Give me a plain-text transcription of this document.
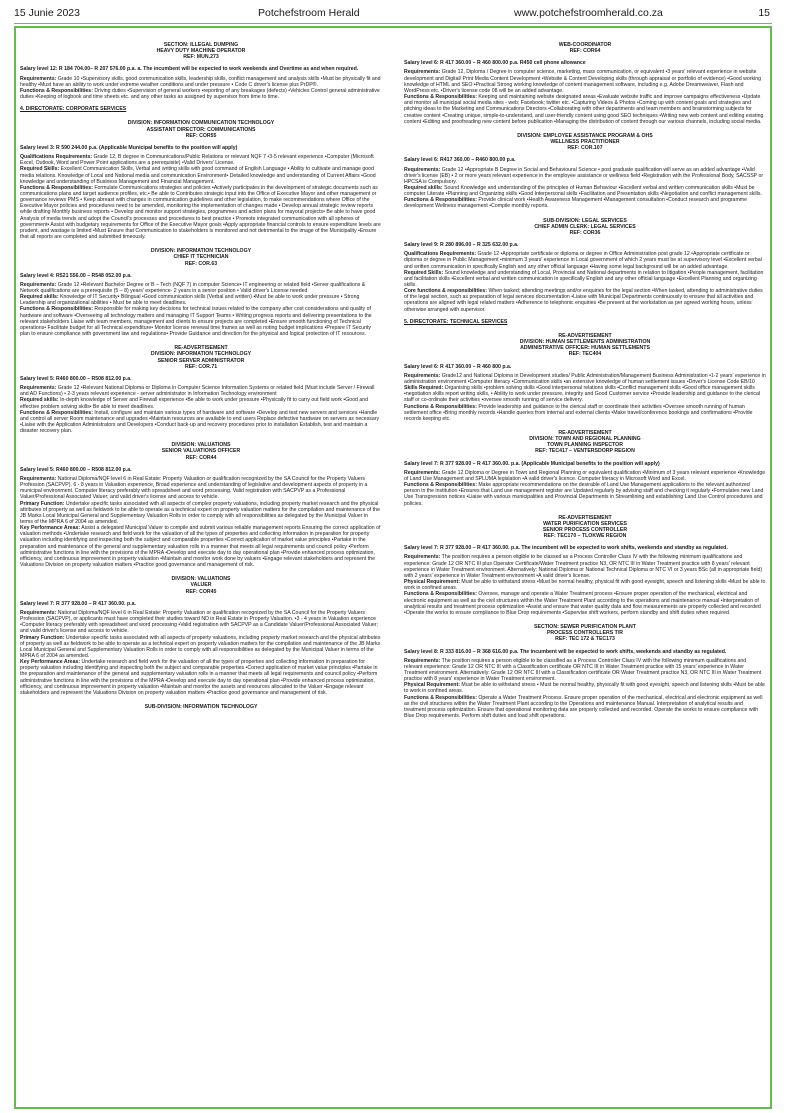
15 Junie 2023	Potchefstroom Herald	www.potchefstroomherald.co.za	15
SECTION: ILLEGAL DUMPING
HEAVY DUTY MACHINE OPERATOR
REF: MUN.273
Salary level 12: R 184 704.00– R 207 576.00 p.a. a. The incumbent will be expected to work weekends and Overtime as and when required.
Requirements: Grade 10 •Supervisory skills, good communication skills, leadership skills, conflict management and analysis skills •Must be physically fit and healthy •Must have an ability to work under extreme weather conditions and under pressure • Code C driver's license plus PrDP®.
Functions & Responsibilities: Driving duties •Supervision of general workers •reporting of any breakages (defects) •Vehicles Control general administrative duties •Keeping of logbook and time sheets etc. and any other tasks as assigned by supervisor from time to time.
4. DIRECTORATE: CORPORATE SERVICES
DIVISION: INFORMATION COMMUNICATION TECHNOLOGY
ASSISTANT DIRECTOR: COMMUNICATIONS
REF: COR55
Salary level 3: R 590 244.00 p.a. (Applicable Municipal benefits to the position will apply)
Qualifications Requirements: Grade 12, B degree in Communications/Public Relations or relevant NQF 7 •3-5 relevant experience •Computer (Microsoft Excel, Outlook, Word and Power Point applications are a prerequisite) •Valid Drivers' License.
Required Skills: Excellent Communication Skills, Verbal and writing skills with good command of English Language • Ability to cultivate and manage good media relations. Knowledge of Local and National media and communication Environment• Detailed knowledge and understanding of Current Affairs •Good knowledge and understanding of Business Management and Financial Management.
Functions & Responsibilities: Formulate Communications strategies and policies •Actively participates in the development of strategic documents such as communications plans and target audience profiles, etc.• Be able to Contributes strategic input into the Office of Executive Mayor and other management or governance reviews PMS • Keep abreast with changes in communication guidelines and other legislation, to make recommendations where Office of the Executive Mayor policies and procedures need to be amended, monitoring the implementation of changes made • Develop annual strategic review reports while drafting Monthly business reports • Develop and monitor support strategies, programmes and action plans for mayoral projects• Be able to have good Analysis of media trends and adopt the Council's processes and procedures to best practice • Promote integrated communication with all spheres of government• Assist with budgetary requirements for Office of the Executive Mayor goals •Apply appropriate financial controls to ensure expenditure levels are prudent, and wastage is limited •Must Ensure that Communication to stakeholders is monitored and not detrimental to the image of the Municipality •Ensure that all reports are completed and submitted timeously.
DIVISION: INFORMATION TECHNOLOGY
CHIEF IT TECHNICIAN
REF: COR.63
Salary level 4: R521 556.00 – R548 052.00 p.a.
Requirements: Grade 12 •Relevant Bachelor Degree or B – Tech (NQF 7) in computer Science• IT engineering or related field •Server qualifications & Network qualifications are a prerequisite (5 – 8) years' experience- 2 years in a senior position • Valid driver's License needed
Required skills: Knowledge of IT Security• Bilingual •Good communication skills (Verbal and written) •Must be able to work under pressure • Strong Leadership and organizational abilities • Must be able to meet deadlines.
Functions & Responsibilities: Responsible for making key decisions for technical issues related to the company after cost considerations and quality of hardware and software •Overseeing all technology matters and managing IT Support Teams • Writing progress reports and delivering presentations to the relevant stakeholders Liaise with team members, management and clients to ensure projects are completed •Ensure smooth functioning of Technical operations• Facilitate budget for all Technical expenditure• Monitor license renewal time frames as well as noting budget implications •Prepare IT Security plan to ensure compliance with government law and regulations• Provide Guidance and direction for the physical and logical protection of IT resources.
RE-ADVERTISEMENT
DIVISION: INFORMATION TECHNOLOGY
SENIOR SERVER ADMINISTRATOR
REF: COR.71
Salary level 5: R460 800.00 – R508 812.00 p.a.
Requirements: Grade 12 •Relevant National Diploma or Diploma in Computer Science Information Systems or related field (Must include Server / Firewall and AD Functions) • 2-3 years relevant experience - server administrator in Information Technology environment
Required skills: In-depth knowledge of Server and Firewall experience •Be able to work under pressure •Physically fit to carry out field work •Good and effective problem solving skills• Be able to meet deadlines.
Functions & Responsibilities: Install, configure and maintain various types of hardware and software •Develop and test new servers and services •Handle and control all server Room maintenance and upgrades •Maintain resources are available to end users Replace defective hardware on servers as necessary •Liaise with the Application Administrators and Developers •Conduct back-up and recovery procedures prior to installation Establish, test and maintain a disaster recovery plan.
DIVISION: VALUATIONS
SENIOR VALUATIONS OFFICER
REF: COR44
Salary level 5: R460 800.00 – R508 812.00 p.a.
Requirements: National Diploma/NQF level 6 in Real Estate: Property Valuation or qualification recognized by the SA Council for the Property Valuers Profession (SACPVP). 6 - 8 years in Valuation experience, Broad experience and understanding of legislative and development aspects of property in a municipal environment. Computer literacy preferably with spreadsheet and word processing. Valid registration with SACPVP as a Professional Valuer/Professional Associated Valuer; and valid driver's license and access to vehicle.
Primary Function: Undertake specific tasks associated with all aspects of complex property valuations, including property market research and the physical attributes of property as well as fieldwork to be able to operate as a technical expert on property valuation matters for the compilation and maintenance of the JB Marks Local Municipal General and Supplementary Valuation Rolls in order to comply with all responsibilities as delegated by the Municipal Valuer in terms of the MPRA 6 of 2004 as amended.
Key Performance Areas: Assist a delegated Municipal Valuer to compile and submit various reliable management reports Ensuring the correct application of valuation methods •Undertake research and field work for the valuation of all the types of properties and collecting information in preparation for property valuation including identifying and inspecting both the subject and comparable properties •Correct application of market value principles •Partake in the preparation and maintenance of the general and supplementary valuation rolls in a manner that meets all legal requirements and council policy •Perform administrative functions in line with the provisions of the MPRA •Develop and execute day to day operational plan •Provide enhanced process optimization, efficiency, and continuous improvement in property valuation •Maintain and monitor work done by valuers •Engage relevant stakeholders and represent the Valuations Division on property valuation matters •Practice good governance and management of risk.
DIVISION: VALUATIONS
VALUER
REF: COR45
Salary level 7: R 377 928.00 – R 417 360.00. p.a.
Requirements: National Diploma/NQF level 6 in Real Estate: Property Valuation or qualification recognized by the SA Council for the Property Valuers Profession (SACPVP), or applicants must have completed their studies toward ND in Real Estate in Property Valuation. •3 - 4 years in Valuation experience •Computer literacy preferably with spreadsheet and word processing •Valid registration with SACPVP as a Candidate Valuer/Professional Associated Valuer; and valid driver's license and access to vehicle.
Primary Function: Undertake specific tasks associated with all aspects of property valuations, including property market research and the physical attributes of property as well as fieldwork to be able to operate as a technical expert on property valuation matters for the compilation and maintenance of the JB Marks Local Municipal General and Supplementary Valuation Rolls in order to comply with all responsibilities as delegated by the Municipal Valuer in terms of the MPRA 6 of 2004 as amended.
Key Performance Areas: Undertake research and field work for the valuation of all the types of properties and collecting information in preparation for property valuation including identifying and inspecting both the subject and comparable properties •Correct application of market value principles •Partake in the preparation and maintenance of the general and supplementary valuation rolls in a manner that meets all legal requirements and council policy •Perform administrative functions in line with the provisions of the MPRA •Develop and execute day to day operational plan •Provide enhanced process optimization, efficiency, and continuous improvement in property valuation •Maintain and monitor the assets and resources allocated to the Valuer •Engage relevant stakeholders and represent the Valuations Division on property valuation matters •Practice good governance and management of risk.
SUB-DIVISION: INFORMATION TECHNOLOGY
WEB-COORDINATOR
REF: COR64
Salary level 6: R 417 360.00 – R 460 800.00 p.a. R450 cell phone allowance
Requirements: Grade 12, Diploma / Degree in computer science, marketing, mass communication, or equivalent •3 years' relevant experience in website development and Digital/ Print Media Content Development •Website & Content Developing skills (through appraisal or portfolio of evidence) •Good working knowledge of HTML and SEO •Practical Strong working knowledge of content management software, including e.g. Adobe Dreamweaver, Flash and WordPress etc. •Driver's license code 08 will be an added advantage.
Functions & Responsibilities: Keeping and maintaining website designated areas •Evaluate website traffic and improve campaigns effectiveness •Update and monitor all municipal social media sites - web; Facebook; twitter etc. •Capturing Videos & Photos •Coming up with content goals and strategies and pitching ideas to the Marketing and Communications Directors •Collaborating with other departments and team members and brainstorming subjects for creative content •Creating unique, simple-to-understand, and user-friendly content using good SEO techniques •Writing new web content and editing existing content •Editing and proofreading new content before publication •Managing the distribution of content through our various channels, including social media.
DIVISION: EMPLOYEE ASSISTANCE PROGRAM & OHS
WELLNESS PRACTITIONER
REF: COR.107
Salary level 6: R417 360.00 – R460 800.00 p.a.
Requirements: Grade 12 •Appropriate B Degree in Social and Behavioural Science • post graduate qualification will serve as an added advantage •Valid driver's license (EB) • 2 or more years relevant experience in the employee assistance or wellness field •Registration with the Professional Body, SACSSP or HPCSA is Compulsory.
Required skills: Sound Knowledge and understanding of the principles of Human Behaviour •Excellent verbal and written communication skills •Must be computer Literate •Planning and Organizing skills •Good Interpersonal skills •Facilitation and Presentation skills •Negotiation and conflict management skills.
Functions & Responsibilities: Provide clinical work •Health Awareness Management •Management consultation •Conduct research and programme development Wellness management •Compile monthly reports.
SUB-DIVISION: LEGAL SERVICES
CHIEF ADMIN CLERK: LEGAL SERVICES
REF: COR36
Salary level 9: R 280 896.00 – R 325 632.00 p.a.
Qualifications Requirements: Grade 12 •Appropriate certificate or diploma or degree in Office Administration post grade 12 •Appropriate certificate or diploma or degree in Public Management •minimum 3 years' experience in Local government of which 2 years must be at supervisory level •Excellent verbal and written communication in specifically English and any other official language •Having some legal background will be an added advantage.
Required Skills: Sound knowledge and understanding of Local, Provincial and National departments in relation to litigation •People management, facilitation and facilitation skills •Excellent verbal and written communication in specifically English and any other official language •Excellent Planning and organizing skills.
Core functions & responsibilities: When tasked; attending meetings and/or enquiries for the legal section •When tasked, attending to administrative duties of the legal section, such as preparation of legal services documentation •Liaise with Municipal Departments continuously to ensure that all activities and operations are aligned with legal related matters •Adherence to telephonic enquiries •Be present at the workstation as per agreed working hours, unless otherwise arranged with supervisor.
5. DIRECTORATE: TECHNICAL SERVICES
RE-ADVERTISEMENT
DIVISION: HUMAN SETTLEMENTS ADMINISTRATION
ADMINISTRATIVE OFFICER: HUMAN SETTLEMENTS
REF: TEC404
Salary level 6: R 417 360.00 – R 460 800 p.a.
Requirements: Grade12 and National Diploma in Development studies/ Public Administration/Management Business Administration •1-2 years' experience in administration environment •Computer literacy •Communication skills •an extensive knowledge of human settlement issues •Driver's License Code EB/10
Skills Required: Organising skills •problem solving skills •Good interpersonal relations skills •Conflict management skills •Good office management skills •negotiation skills report writing skills, • Ability to work under pressure, integrity and Good Customer service •Provide leadership and guidance to the clerical staff or co-ordinate their activities •oversee smooth running of service delivery.
Functions & Responsibilities: Provide leadership and guidance to the clerical staff or coordinate their activities •Oversee smooth running of human settlement office •Bring monthly records •Handle queries from internal and external clients •Make travel/conference bookings and confirmations •Provide records keeping etc.
RE-ADVERTISEMENT
DIVISION: TOWN AND REGIONAL PLANNING
TOWN PLANNING INSPECTOR
REF: TEC417 – VENTERSDORP REGION
Salary level 7: R 377 928.00 – R 417 360.00. p.a. (Applicable Municipal benefits to the position will apply)
Requirements: Grade 12 Diploma or Degree in Town and Regional Planning or equivalent qualification •Minimum of 3 years relevant experience •Knowledge of Land Use Management and SPLUMA legislation •A valid driver's licence. Computer literacy in Microsoft Word and Excel.
Functions & Responsibilities: Make appropriate recommendations on the desirable of Land Use Management applications to the relevant authorized person in the institution •Ensures that Land use management register are Updated regularly by advising staff and checking it regularly •Formulates new Land Use Transgression notices •Liaise with various municipalities and Provincial Departments in Streamlining and establishing Land Use Control procedures and policies.
RE-ADVERTISEMENT
WATER PURIFICATION SERVICES
SENIOR PROCESS CONTROLLER
REF: TEC170 – TLOKWE REGION
Salary level 7: R 377 928.00 – R 417 360.00. p.a. The incumbent will be expected to work shifts, weekends and standby as regulated.
Requirements: The position requires a person eligible to be classed as a Process Controller Class IV with the following minimum qualifications and experience: Grade 12 OR NTC III plus Operator Certificate/Water Treatment practice N3, OR NTC III in Water Treatment practice with 8 years' relevant experience in Water Treatment environment. Alternatively: National Diploma or National Technical Diploma or NTC VI or 3 years BSc (all in appropriate field) with 2 years' experience in Water Treatment environment •A valid driver's license.
Physical Requirement: Must be able to withstand stress •Must be normal healthy, physical fit with good eyesight, speech and listening skills •Must be able to work in confined areas.
Functions & Responsibilities: Oversee, manage and operate a Water Treatment process •Ensure proper operation of the mechanical, electrical and electronic equipment as well as the civil structures within the Water Treatment Plant according to the operations and maintenance manual •Interpretation of analytical results and treatment process optimization •Assist and ensure that water quality data and flow measurements are properly collected and recorded •Operate the works to ensure compliance to Blue Drop requirements •Supervise shift workers, perform standby and shift duties when required.
SECTION: SEWER PURIFICATION PLANT
PROCESS CONTROLLERS T/R
REF: TEC 172 & TEC173
Salary level 8: R 333 816.00 – R 368 616.00 p.a. The incumbent will be expected to work shifts, weekends and standby as regulated.
Requirements: The position requires a person eligible to be classified as a Process Controller Class IV with the following minimum qualifications and relevant experience: Grade 12 OR NTC III with a Classification certificate OR NTC III in Water Treatment practice with 15 years' experience in Water Treatment environment. Alternatively: Grade 12 OR NTC III with a Classification certificate OR Water Treatment practice N3, OR NTC III in Water Treatment practice with 8 years' experience in Water Treatment environment.
Physical Requirement: Must be able to withstand stress • Must be normal healthy, physically fit with good eyesight, speech and listening skills •Must be able to work in confined areas.
Functions & Responsibilities: Operate a Water Treatment Process. Ensure proper operation of the mechanical, electrical and electronic equipment as well as the civil structures within the Water Treatment Plant according to the Operations and maintenance Manual. Interpretation of analytical results and treatment process optimization. Ensure that operational monitoring data are properly collected and recorded. Operate the works to ensure compliance with Blue Drop requirements. Perform shift duties and load shift operations.
